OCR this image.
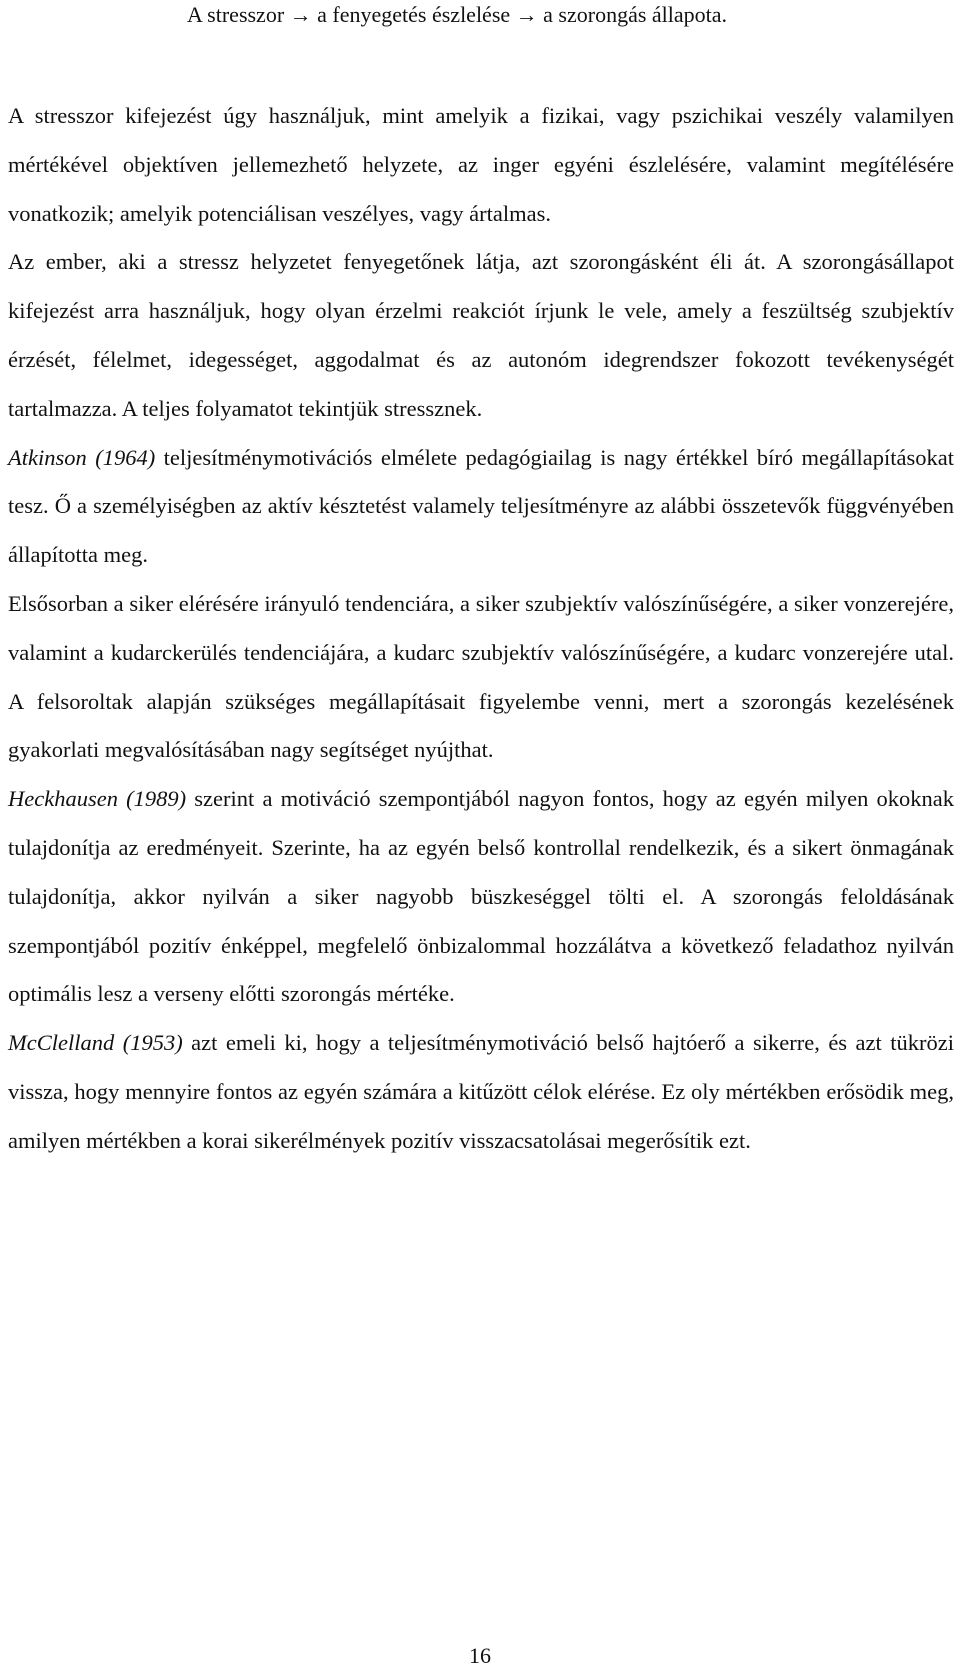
A stresszor → a fenyegetés észlelése → a szorongás állapota.

A stresszor kifejezést úgy használjuk, mint amelyik a fizikai, vagy pszichikai veszély valamilyen mértékével objektíven jellemezhető helyzete, az inger egyéni észlelésére, valamint megítélésére vonatkozik; amelyik potenciálisan veszélyes, vagy ártalmas.

Az ember, aki a stressz helyzetet fenyegetőnek látja, azt szorongásként éli át. A szorongásállapot kifejezést arra használjuk, hogy olyan érzelmi reakciót írjunk le vele, amely a feszültség szubjektív érzését, félelmet, idegességet, aggodalmat és az autonóm idegrendszer fokozott tevékenységét tartalmazza. A teljes folyamatot tekintjük stressznek.

Atkinson (1964) teljesítménymotivációs elmélete pedagógiailag is nagy értékkel bíró megállapításokat tesz. Ő a személyiségben az aktív késztetést valamely teljesítményre az alábbi összetevők függvényében állapította meg.

Elsősorban a siker elérésére irányuló tendenciára, a siker szubjektív valószínűségére, a siker vonzerejére, valamint a kudarckerülés tendenciájára, a kudarc szubjektív valószínűségére, a kudarc vonzerejére utal. A felsoroltak alapján szükséges megállapításait figyelembe venni, mert a szorongás kezelésének gyakorlati megvalósításában nagy segítséget nyújthat.

Heckhausen (1989) szerint a motiváció szempontjából nagyon fontos, hogy az egyén milyen okoknak tulajdonítja az eredményeit. Szerinte, ha az egyén belső kontrollal rendelkezik, és a sikert önmagának tulajdonítja, akkor nyilván a siker nagyobb büszkeséggel tölti el. A szorongás feloldásának szempontjából pozitív énképpel, megfelelő önbizalommal hozzálátva a következő feladathoz nyilván optimális lesz a verseny előtti szorongás mértéke.

McClelland (1953) azt emeli ki, hogy a teljesítménymotiváció belső hajtóerő a sikerre, és azt tükrözi vissza, hogy mennyire fontos az egyén számára a kitűzött célok elérése. Ez oly mértékben erősödik meg, amilyen mértékben a korai sikerélmények pozitív visszacsatolásai megerősítik ezt.

16
